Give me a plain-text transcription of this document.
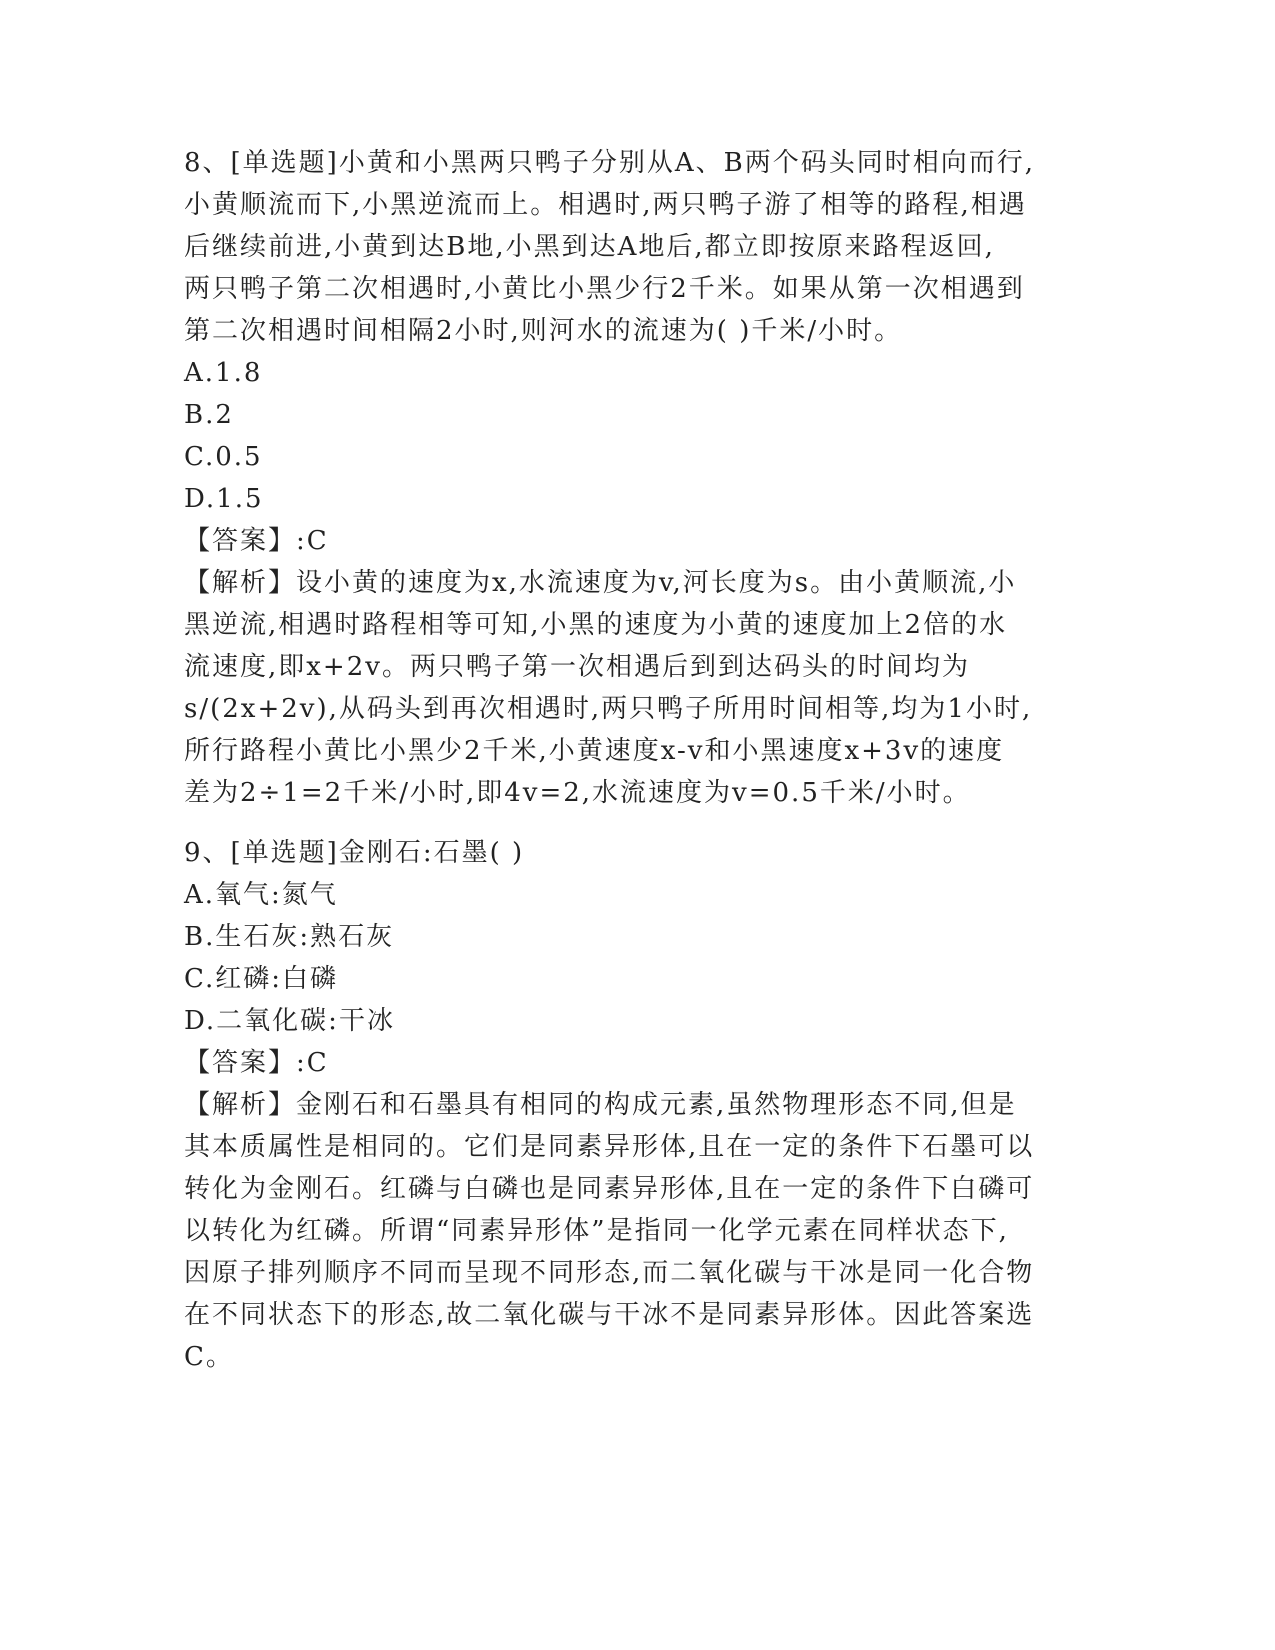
8、[单选题]小黄和小黑两只鸭子分别从A、B两个码头同时相向而行,
小黄顺流而下,小黑逆流而上。相遇时,两只鸭子游了相等的路程,相遇
后继续前进,小黄到达B地,小黑到达A地后,都立即按原来路程返回,
两只鸭子第二次相遇时,小黄比小黑少行2千米。如果从第一次相遇到
第二次相遇时间相隔2小时,则河水的流速为( )千米/小时。
A.1.8
B.2
C.0.5
D.1.5
【答案】:C
【解析】设小黄的速度为x,水流速度为v,河长度为s。由小黄顺流,小
黑逆流,相遇时路程相等可知,小黑的速度为小黄的速度加上2倍的水
流速度,即x+2v。两只鸭子第一次相遇后到到达码头的时间均为
s/(2x+2v),从码头到再次相遇时,两只鸭子所用时间相等,均为1小时,
所行路程小黄比小黑少2千米,小黄速度x-v和小黑速度x+3v的速度
差为2÷1=2千米/小时,即4v=2,水流速度为v=0.5千米/小时。
9、[单选题]金刚石:石墨( )
A.氧气:氮气
B.生石灰:熟石灰
C.红磷:白磷
D.二氧化碳:干冰
【答案】:C
【解析】金刚石和石墨具有相同的构成元素,虽然物理形态不同,但是
其本质属性是相同的。它们是同素异形体,且在一定的条件下石墨可以
转化为金刚石。红磷与白磷也是同素异形体,且在一定的条件下白磷可
以转化为红磷。所谓“同素异形体”是指同一化学元素在同样状态下,
因原子排列顺序不同而呈现不同形态,而二氧化碳与干冰是同一化合物
在不同状态下的形态,故二氧化碳与干冰不是同素异形体。因此答案选
C。
